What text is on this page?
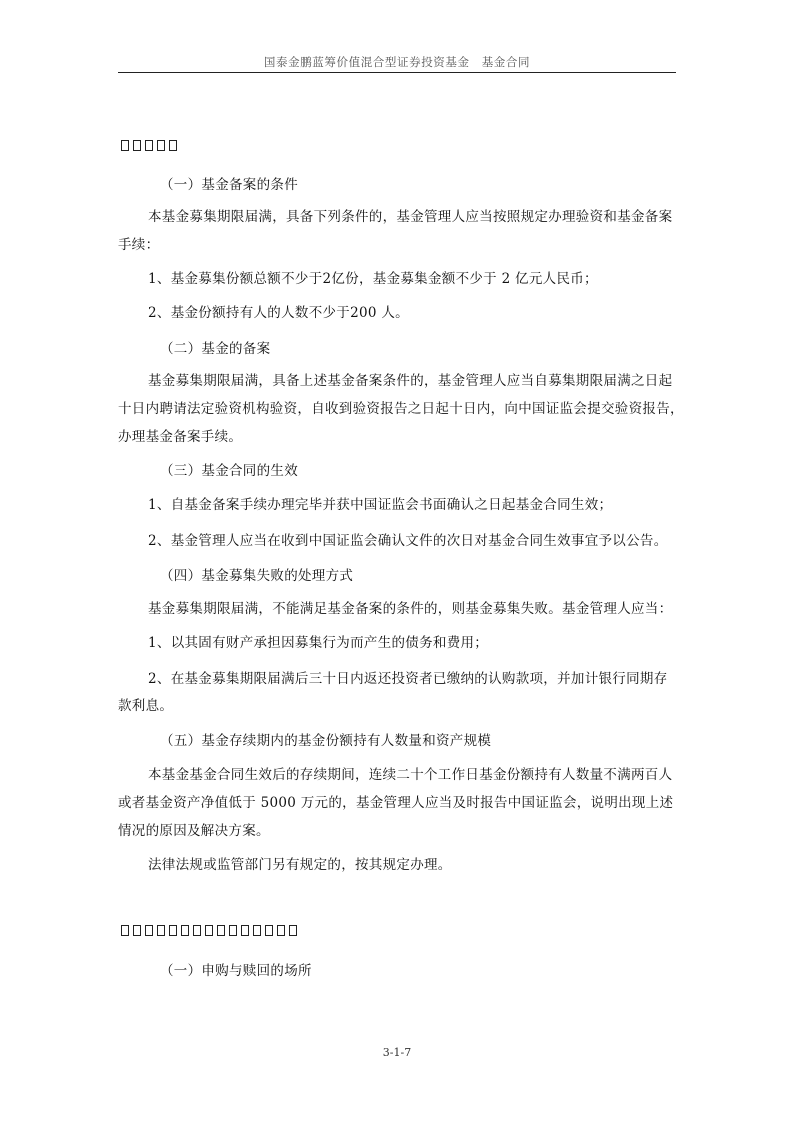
国泰金鹏蓝筹价值混合型证券投资基金　基金合同
（一）基金备案的条件
本基金募集期限届满，具备下列条件的，基金管理人应当按照规定办理验资和基金备案
手续：
1、基金募集份额总额不少于2亿份，基金募集金额不少于 2 亿元人民币；
2、基金份额持有人的人数不少于200 人。
（二）基金的备案
基金募集期限届满，具备上述基金备案条件的，基金管理人应当自募集期限届满之日起
十日内聘请法定验资机构验资，自收到验资报告之日起十日内，向中国证监会提交验资报告，
办理基金备案手续。
（三）基金合同的生效
1、自基金备案手续办理完毕并获中国证监会书面确认之日起基金合同生效；
2、基金管理人应当在收到中国证监会确认文件的次日对基金合同生效事宜予以公告。
（四）基金募集失败的处理方式
基金募集期限届满，不能满足基金备案的条件的，则基金募集失败。基金管理人应当：
1、以其固有财产承担因募集行为而产生的债务和费用；
2、在基金募集期限届满后三十日内返还投资者已缴纳的认购款项，并加计银行同期存
款利息。
（五）基金存续期内的基金份额持有人数量和资产规模
本基金基金合同生效后的存续期间，连续二十个工作日基金份额持有人数量不满两百人
或者基金资产净值低于 5000 万元的，基金管理人应当及时报告中国证监会，说明出现上述
情况的原因及解决方案。
法律法规或监管部门另有规定的，按其规定办理。
（一）申购与赎回的场所
3-1-7
